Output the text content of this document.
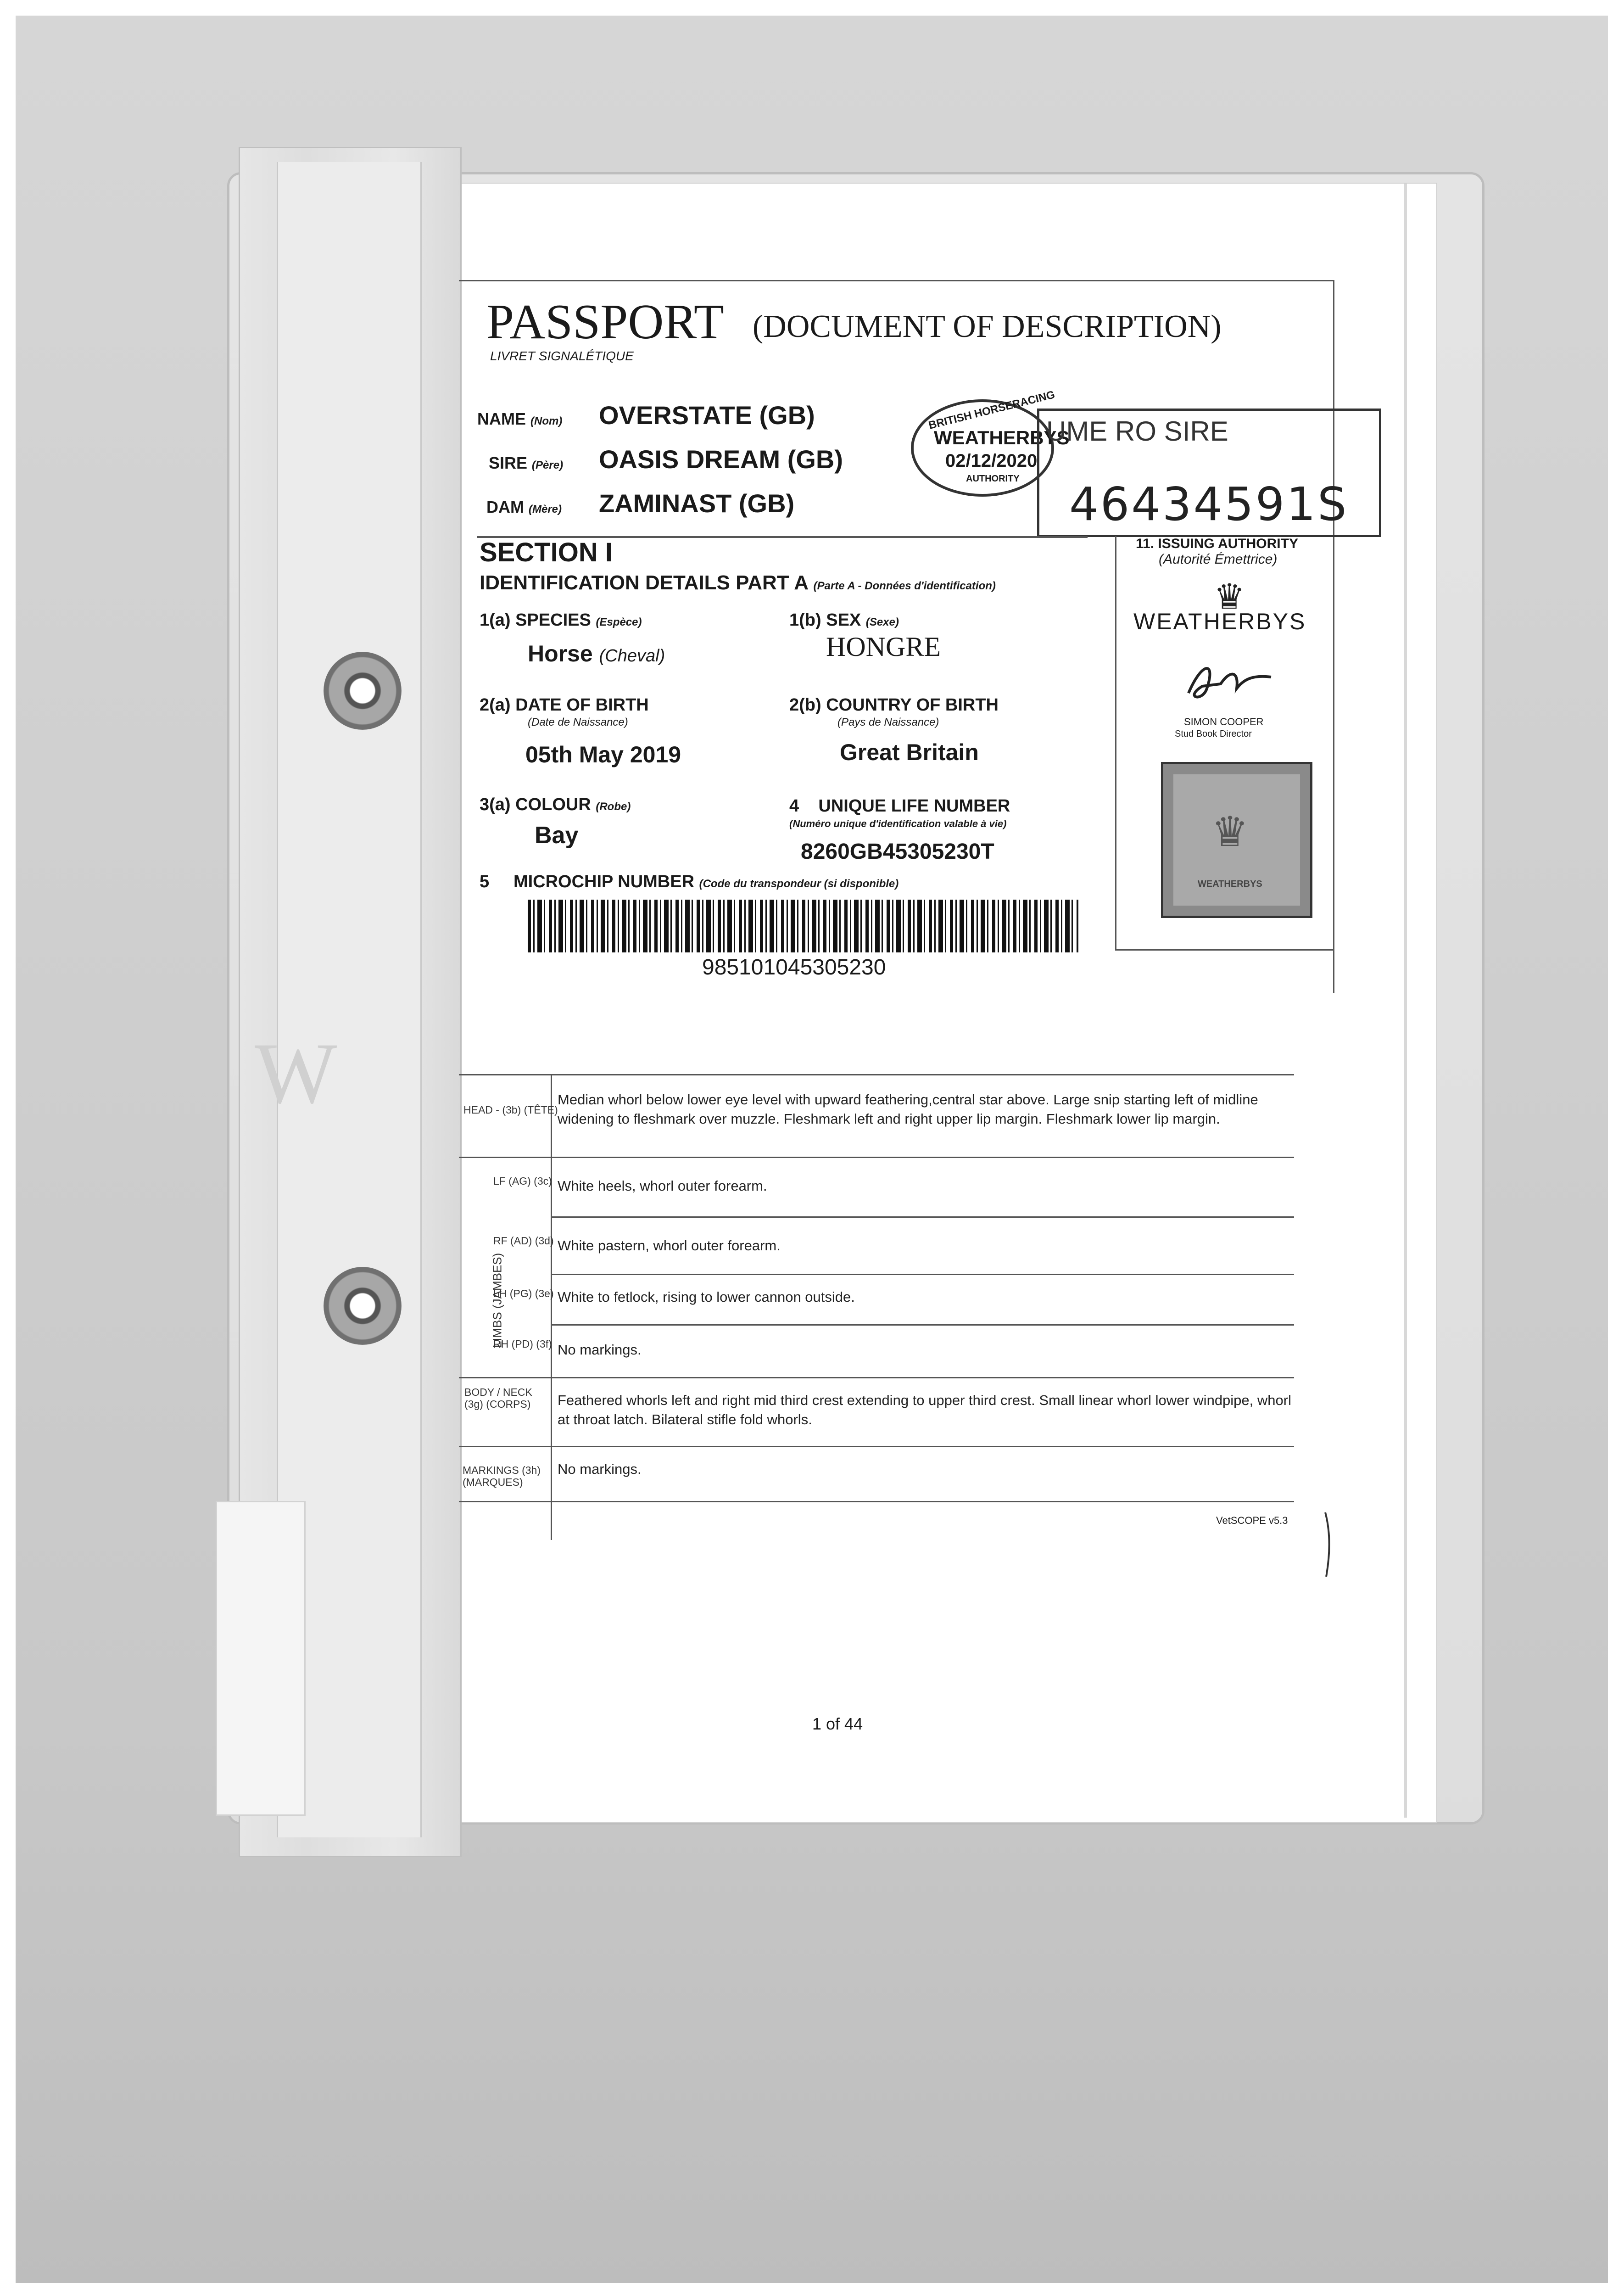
W
PASSPORT (DOCUMENT OF DESCRIPTION)
LIVRET SIGNALÉTIQUE
NAME (Nom) OVERSTATE (GB)
SIRE (Père) OASIS DREAM (GB)
DAM (Mère) ZAMINAST (GB)
BRITISH HORSERACING
WEATHERBYS
02/12/2020
AUTHORITY
UME RO SIRE
46434591S
SECTION I
IDENTIFICATION DETAILS PART A (Parte A - Données d'identification)
1(a) SPECIES (Espèce)
Horse (Cheval)
1(b) SEX (Sexe)
HONGRE
2(a) DATE OF BIRTH
(Date de Naissance)
05th May 2019
2(b) COUNTRY OF BIRTH
(Pays de Naissance)
Great Britain
3(a) COLOUR (Robe)
Bay
4 UNIQUE LIFE NUMBER
(Numéro unique d'identification valable à vie)
8260GB45305230T
5 MICROCHIP NUMBER (Code du transpondeur (si disponible)
985101045305230
11. ISSUING AUTHORITY
(Autorité Émettrice)
♛
WEATHERBYS
SIMON COOPER
Stud Book Director
♛
WEATHERBYS
HEAD - (3b) (TÊTE)
Median whorl below lower eye level with upward feathering,central star above. Large snip starting left of midline
widening to fleshmark over muzzle. Fleshmark left and right upper lip margin. Fleshmark lower lip margin.
LIMBS (JAMBES)
LF (AG) (3c) White heels, whorl outer forearm.
RF (AD) (3d) White pastern, whorl outer forearm.
LH (PG) (3e) White to fetlock, rising to lower cannon outside.
RH (PD) (3f) No markings.
BODY / NECK (3g) (CORPS)	Feathered whorls left and right mid third crest extending to upper third crest. Small linear whorl lower windpipe, whorl
at throat latch. Bilateral stifle fold whorls.
MARKINGS (3h) (MARQUES)
No markings.
VetSCOPE v5.3
1 of 44
